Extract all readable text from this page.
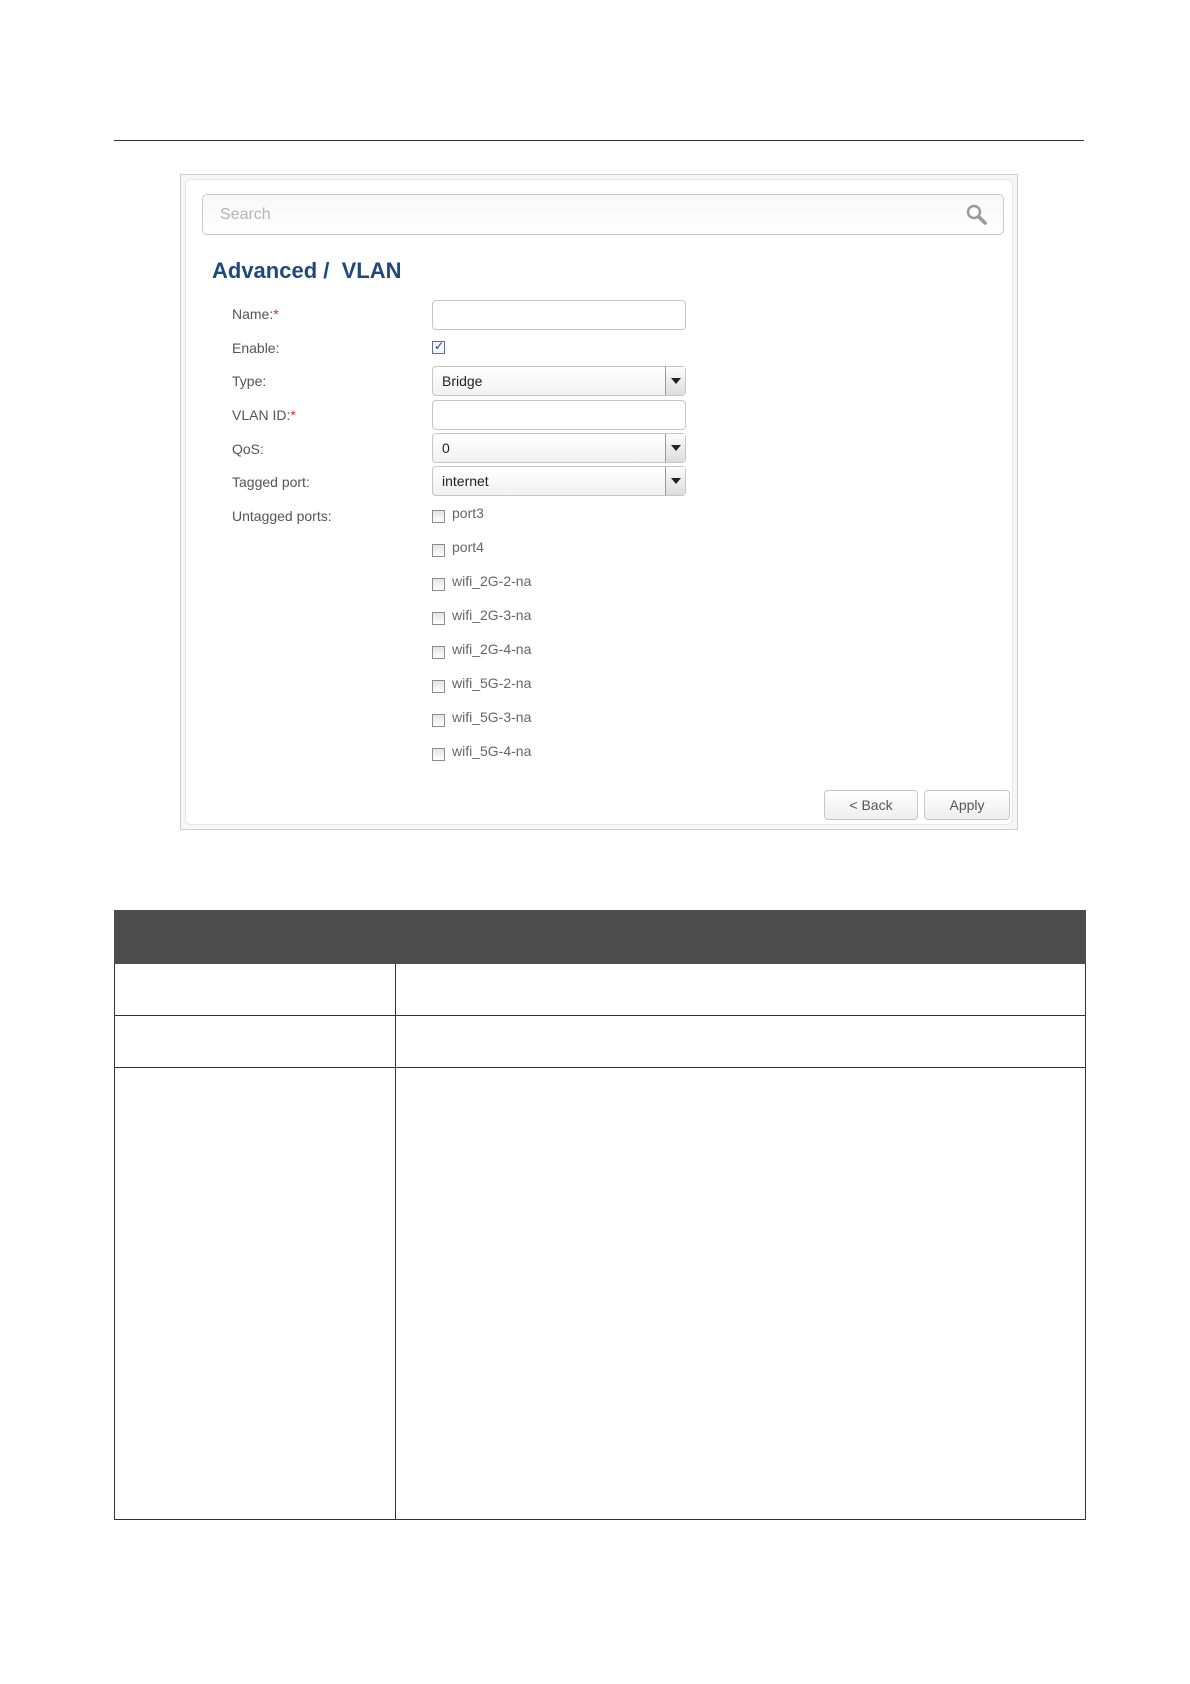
Search
Advanced /  VLAN
Name:*
Enable:	✓
Type:	Bridge
VLAN ID:*
QoS:	0
Tagged port:	internet
Untagged ports:	port3
port4
wifi_2G-2-na
wifi_2G-3-na
wifi_2G-4-na
wifi_5G-2-na
wifi_5G-3-na
wifi_5G-4-na
< Back	Apply
